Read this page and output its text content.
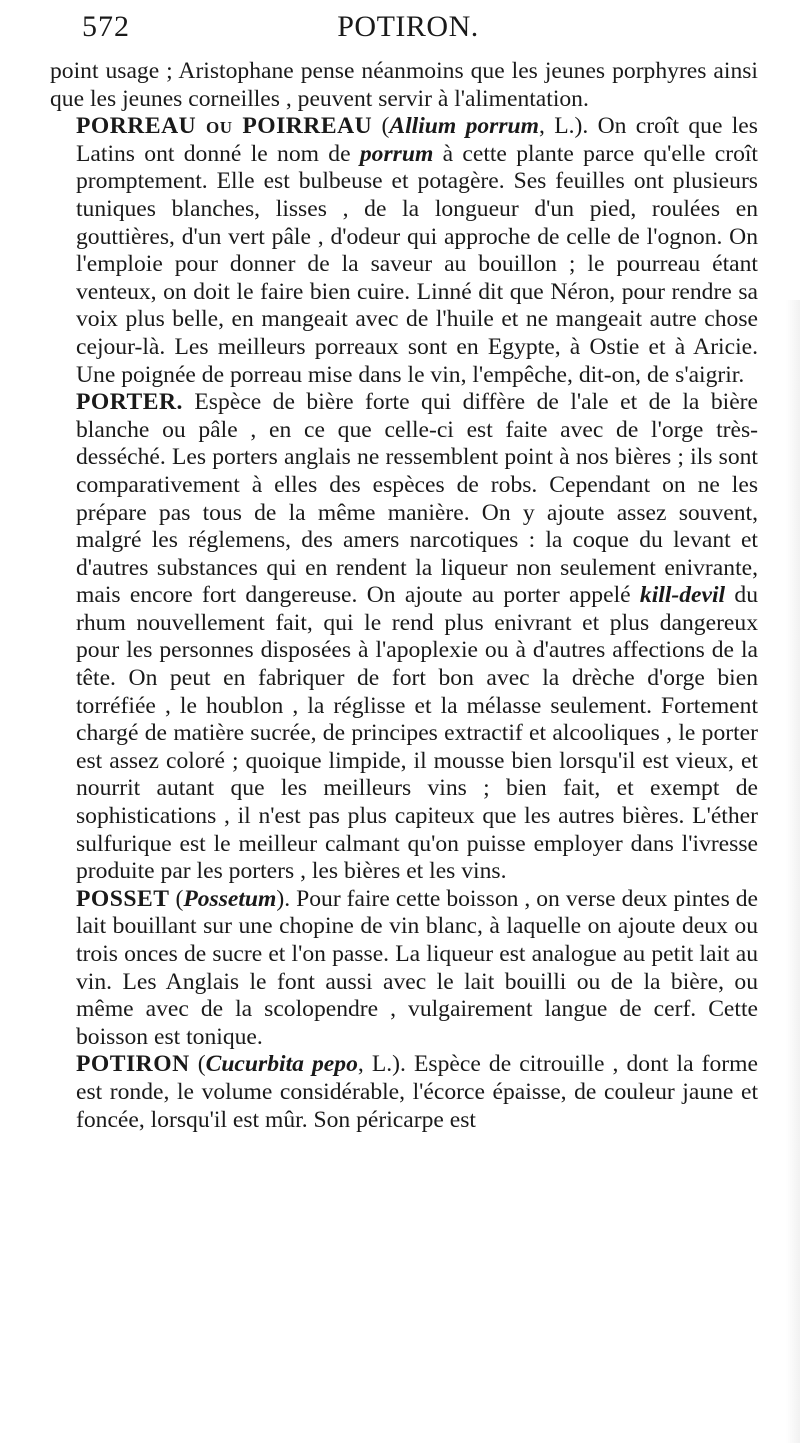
572	POTIRON.

point usage ; Aristophane pense néanmoins que les jeunes porphyres ainsi que les jeunes corneilles , peuvent servir à l'alimentation.

PORREAU ou POIRREAU (Allium porrum, L.). On croît que les Latins ont donné le nom de porrum à cette plante parce qu'elle croît promptement. Elle est bulbeuse et potagère. Ses feuilles ont plusieurs tuniques blanches, lisses , de la longueur d'un pied, roulées en gouttières, d'un vert pâle , d'odeur qui approche de celle de l'ognon. On l'emploie pour donner de la saveur au bouillon ; le pourreau étant venteux, on doit le faire bien cuire. Linné dit que Néron, pour rendre sa voix plus belle, en mangeait avec de l'huile et ne mangeait autre chose cejour-là. Les meilleurs porreaux sont en Egypte, à Ostie et à Aricie. Une poignée de porreau mise dans le vin, l'empêche, dit-on, de s'aigrir.

PORTER. Espèce de bière forte qui diffère de l'ale et de la bière blanche ou pâle , en ce que celle-ci est faite avec de l'orge très-desséché. Les porters anglais ne ressemblent point à nos bières ; ils sont comparativement à elles des espèces de robs. Cependant on ne les prépare pas tous de la même manière. On y ajoute assez souvent, malgré les réglemens, des amers narcotiques : la coque du levant et d'autres substances qui en rendent la liqueur non seulement enivrante, mais encore fort dangereuse. On ajoute au porter appelé kill-devil du rhum nouvellement fait, qui le rend plus enivrant et plus dangereux pour les personnes disposées à l'apoplexie ou à d'autres affections de la tête. On peut en fabriquer de fort bon avec la drèche d'orge bien torréfiée , le houblon , la réglisse et la mélasse seulement. Fortement chargé de matière sucrée, de principes extractif et alcooliques , le porter est assez coloré ; quoique limpide, il mousse bien lorsqu'il est vieux, et nourrit autant que les meilleurs vins ; bien fait, et exempt de sophistications , il n'est pas plus capiteux que les autres bières. L'éther sulfurique est le meilleur calmant qu'on puisse employer dans l'ivresse produite par les porters , les bières et les vins.

POSSET (Possetum). Pour faire cette boisson , on verse deux pintes de lait bouillant sur une chopine de vin blanc, à laquelle on ajoute deux ou trois onces de sucre et l'on passe. La liqueur est analogue au petit lait au vin. Les Anglais le font aussi avec le lait bouilli ou de la bière, ou même avec de la scolopendre , vulgairement langue de cerf. Cette boisson est tonique.

POTIRON (Cucurbita pepo, L.). Espèce de citrouille , dont la forme est ronde, le volume considérable, l'écorce épaisse, de couleur jaune et foncée, lorsqu'il est mûr. Son péricarpe est
